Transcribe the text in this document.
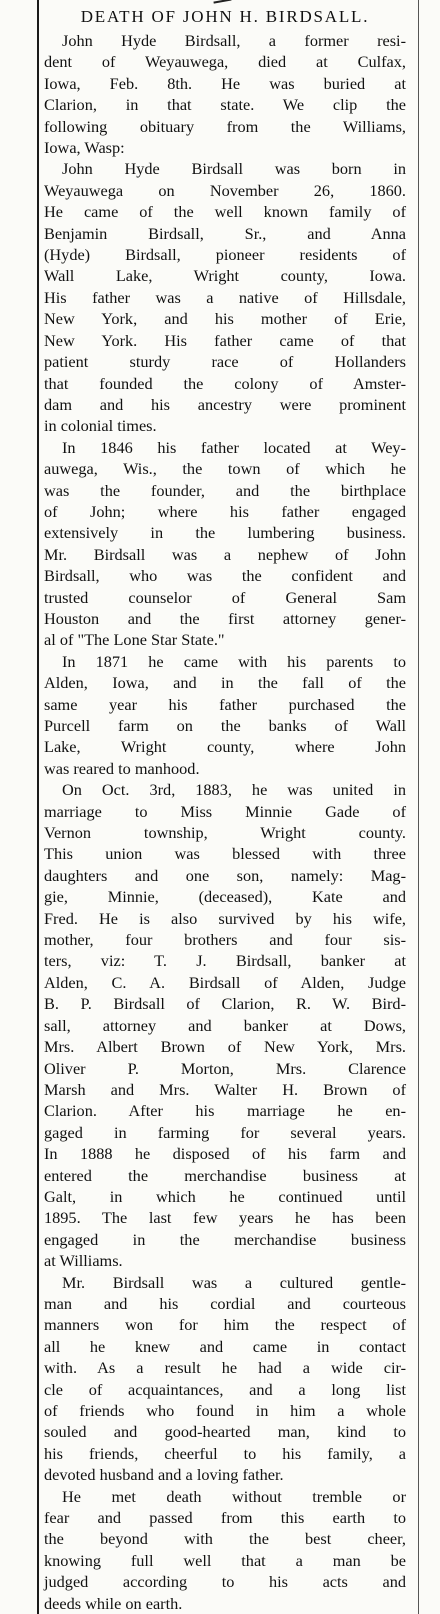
DEATH OF JOHN H. BIRDSALL.
John Hyde Birdsall, a former resi-
dent of Weyauwega, died at Culfax,
Iowa, Feb. 8th. He was buried at
Clarion, in that state. We clip the
following obituary from the Williams,
Iowa, Wasp:
John Hyde Birdsall was born in
Weyauwega on November 26, 1860.
He came of the well known family of
Benjamin Birdsall, Sr., and Anna
(Hyde) Birdsall, pioneer residents of
Wall Lake, Wright county, Iowa.
His father was a native of Hillsdale,
New York, and his mother of Erie,
New York. His father came of that
patient sturdy race of Hollanders
that founded the colony of Amster-
dam and his ancestry were prominent
in colonial times.
In 1846 his father located at Wey-
auwega, Wis., the town of which he
was the founder, and the birthplace
of John; where his father engaged
extensively in the lumbering business.
Mr. Birdsall was a nephew of John
Birdsall, who was the confident and
trusted counselor of General Sam
Houston and the first attorney gener-
al of "The Lone Star State."
In 1871 he came with his parents to
Alden, Iowa, and in the fall of the
same year his father purchased the
Purcell farm on the banks of Wall
Lake, Wright county, where John
was reared to manhood.
On Oct. 3rd, 1883, he was united in
marriage to Miss Minnie Gade of
Vernon township, Wright county.
This union was blessed with three
daughters and one son, namely: Mag-
gie, Minnie, (deceased), Kate and
Fred. He is also survived by his wife,
mother, four brothers and four sis-
ters, viz: T. J. Birdsall, banker at
Alden, C. A. Birdsall of Alden, Judge
B. P. Birdsall of Clarion, R. W. Bird-
sall, attorney and banker at Dows,
Mrs. Albert Brown of New York, Mrs.
Oliver P. Morton, Mrs. Clarence
Marsh and Mrs. Walter H. Brown of
Clarion. After his marriage he en-
gaged in farming for several years.
In 1888 he disposed of his farm and
entered the merchandise business at
Galt, in which he continued until
1895. The last few years he has been
engaged in the merchandise business
at Williams.
Mr. Birdsall was a cultured gentle-
man and his cordial and courteous
manners won for him the respect of
all he knew and came in contact
with. As a result he had a wide cir-
cle of acquaintances, and a long list
of friends who found in him a whole
souled and good-hearted man, kind to
his friends, cheerful to his family, a
devoted husband and a loving father.
He met death without tremble or
fear and passed from this earth to
the beyond with the best cheer,
knowing full well that a man be
judged according to his acts and
deeds while on earth.
